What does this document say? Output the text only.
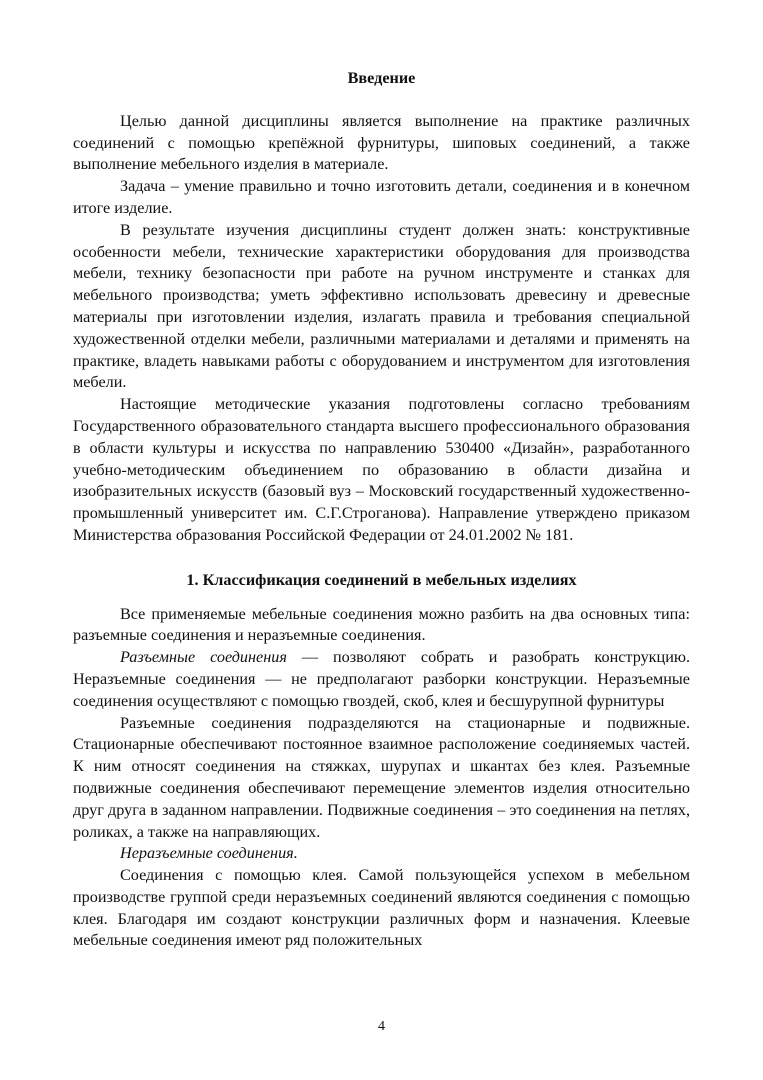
Введение

Целью данной дисциплины является выполнение на практике различных соединений с помощью крепёжной фурнитуры, шиповых соединений, а также выполнение мебельного изделия в материале.

Задача – умение правильно и точно изготовить детали, соединения и в конечном итоге изделие.

В результате изучения дисциплины студент должен знать: конструктивные особенности мебели, технические характеристики оборудования для производства мебели, технику безопасности при работе на ручном инструменте и станках для мебельного производства; уметь эффективно использовать древесину и древесные материалы при изготовлении изделия, излагать правила и требования специальной художественной отделки мебели, различными материалами и деталями и применять на практике, владеть навыками работы с оборудованием и инструментом для изготовления мебели.

Настоящие методические указания подготовлены согласно требованиям Государственного образовательного стандарта высшего профессионального образования в области культуры и искусства по направлению 530400 «Дизайн», разработанного учебно-методическим объединением по образованию в области дизайна и изобразительных искусств (базовый вуз – Московский государственный художественно-промышленный университет им. С.Г.Строганова). Направление утверждено приказом Министерства образования Российской Федерации от 24.01.2002 № 181.

1. Классификация соединений в мебельных изделиях

Все применяемые мебельные соединения можно разбить на два основных типа: разъемные соединения и неразъемные соединения.

Разъемные соединения — позволяют собрать и разобрать конструкцию. Неразъемные соединения — не предполагают разборки конструкции. Неразъемные соединения осуществляют с помощью гвоздей, скоб, клея и бесшурупной фурнитуры

Разъемные соединения подразделяются на стационарные и подвижные. Стационарные обеспечивают постоянное взаимное расположение соединяемых частей. К ним относят соединения на стяжках, шурупах и шкантах без клея. Разъемные подвижные соединения обеспечивают перемещение элементов изделия относительно друг друга в заданном направлении. Подвижные соединения – это соединения на петлях, роликах, а также на направляющих.

Неразъемные соединения.

Соединения с помощью клея. Самой пользующейся успехом в мебельном производстве группой среди неразъемных соединений являются соединения с помощью клея. Благодаря им создают конструкции различных форм и назначения. Клеевые мебельные соединения имеют ряд положительных

4
